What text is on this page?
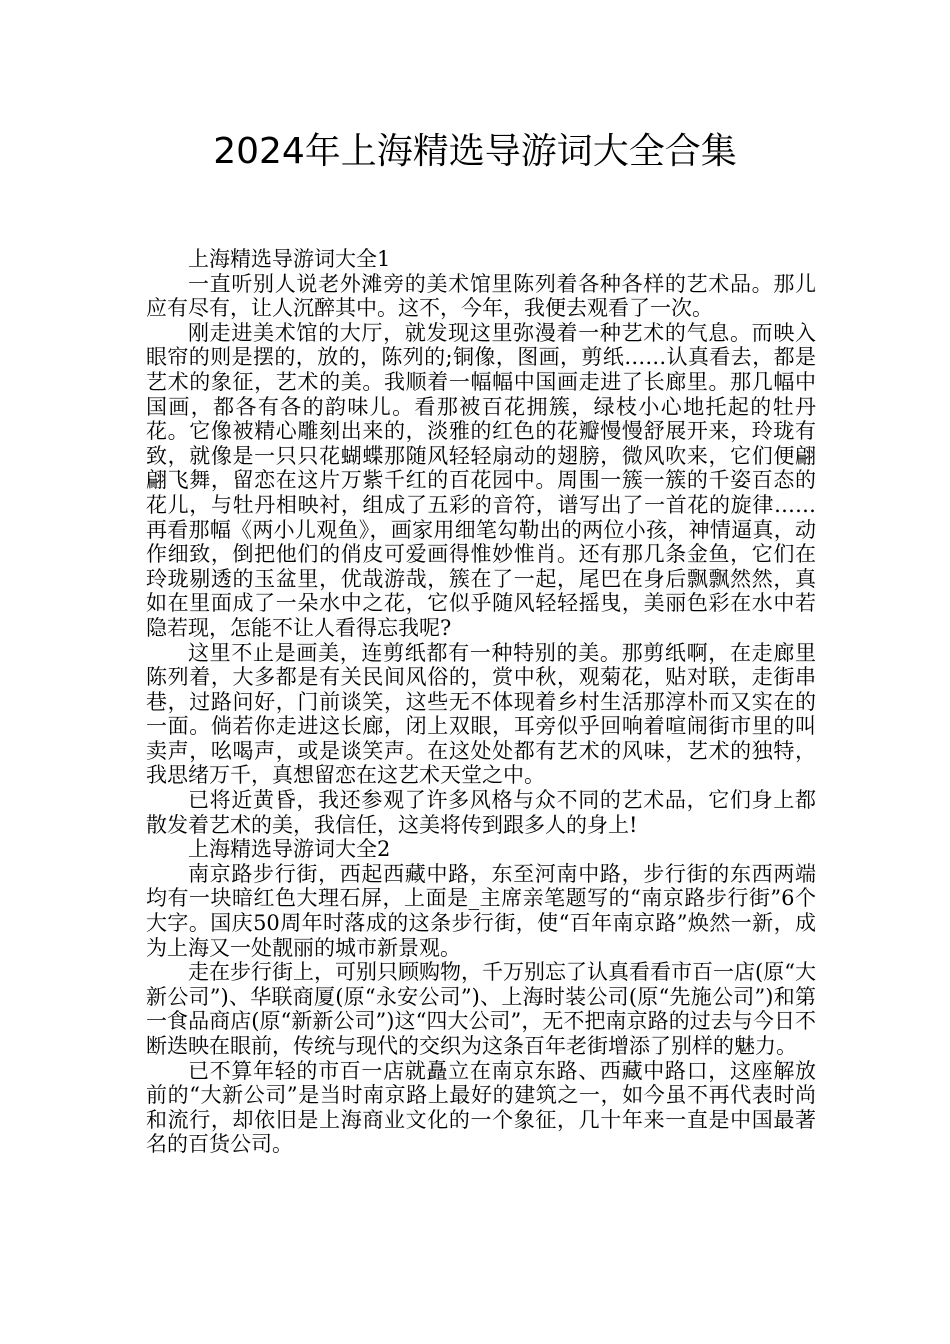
2024年上海精选导游词大全合集

上海精选导游词大全1

一直听别人说老外滩旁的美术馆里陈列着各种各样的艺术品。那儿应有尽有，让人沉醉其中。这不，今年，我便去观看了一次。

刚走进美术馆的大厅，就发现这里弥漫着一种艺术的气息。而映入眼帘的则是摆的，放的，陈列的;铜像，图画，剪纸……认真看去，都是艺术的象征，艺术的美。我顺着一幅幅中国画走进了长廊里。那几幅中国画，都各有各的韵味儿。看那被百花拥簇，绿枝小心地托起的牡丹花。它像被精心雕刻出来的，淡雅的红色的花瓣慢慢舒展开来，玲珑有致，就像是一只只花蝴蝶那随风轻轻扇动的翅膀，微风吹来，它们便翩翩飞舞，留恋在这片万紫千红的百花园中。周围一簇一簇的千姿百态的花儿，与牡丹相映衬，组成了五彩的音符，谱写出了一首花的旋律……再看那幅《两小儿观鱼》，画家用细笔勾勒出的两位小孩，神情逼真，动作细致，倒把他们的俏皮可爱画得惟妙惟肖。还有那几条金鱼，它们在玲珑剔透的玉盆里，优哉游哉，簇在了一起，尾巴在身后飘飘然然，真如在里面成了一朵水中之花，它似乎随风轻轻摇曳，美丽色彩在水中若隐若现，怎能不让人看得忘我呢?

这里不止是画美，连剪纸都有一种特别的美。那剪纸啊，在走廊里陈列着，大多都是有关民间风俗的，赏中秋，观菊花，贴对联，走街串巷，过路问好，门前谈笑，这些无不体现着乡村生活那淳朴而又实在的一面。倘若你走进这长廊，闭上双眼，耳旁似乎回响着喧闹街市里的叫卖声，吆喝声，或是谈笑声。在这处处都有艺术的风味，艺术的独特，我思绪万千，真想留恋在这艺术天堂之中。

已将近黄昏，我还参观了许多风格与众不同的艺术品，它们身上都散发着艺术的美，我信任，这美将传到跟多人的身上!

上海精选导游词大全2

南京路步行街，西起西藏中路，东至河南中路，步行街的东西两端均有一块暗红色大理石屏，上面是_主席亲笔题写的“南京路步行街”6个大字。国庆50周年时落成的这条步行街，使“百年南京路”焕然一新，成为上海又一处靓丽的城市新景观。

走在步行街上，可别只顾购物，千万别忘了认真看看市百一店(原“大新公司”)、华联商厦(原“永安公司”)、上海时装公司(原“先施公司”)和第一食品商店(原“新新公司”)这“四大公司”，无不把南京路的过去与今日不断迭映在眼前，传统与现代的交织为这条百年老街增添了别样的魅力。

已不算年轻的市百一店就矗立在南京东路、西藏中路口，这座解放前的“大新公司”是当时南京路上最好的建筑之一，如今虽不再代表时尚和流行，却依旧是上海商业文化的一个象征，几十年来一直是中国最著名的百货公司。
